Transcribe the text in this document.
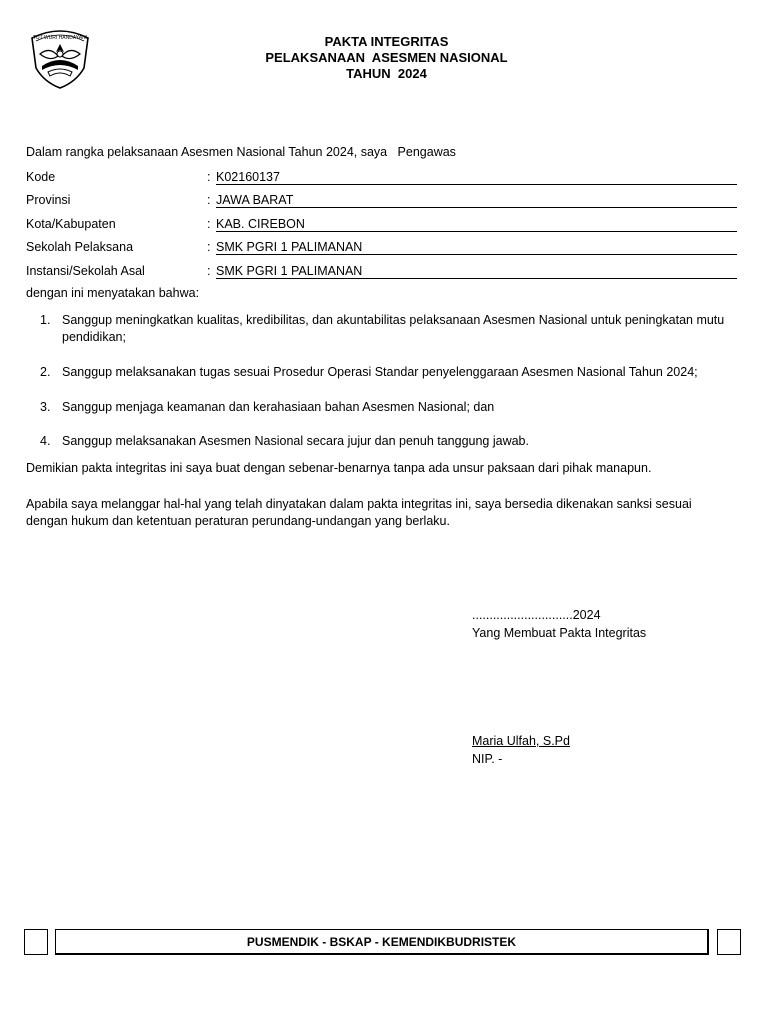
TUT WURI HANDAYANI	PAKTA INTEGRITAS
PELAKSANAAN  ASESMEN NASIONAL
TAHUN  2024
Dalam rangka pelaksanaan Asesmen Nasional Tahun 2024, saya Pengawas
Kode	: K02160137
Provinsi	: JAWA BARAT
Kota/Kabupaten	: KAB. CIREBON
Sekolah Pelaksana	: SMK PGRI 1 PALIMANAN
Instansi/Sekolah Asal	: SMK PGRI 1 PALIMANAN
dengan ini menyatakan bahwa:
1. Sanggup meningkatkan kualitas, kredibilitas, dan akuntabilitas pelaksanaan Asesmen Nasional untuk peningkatan mutu pendidikan;
2. Sanggup melaksanakan tugas sesuai Prosedur Operasi Standar penyelenggaraan Asesmen Nasional Tahun 2024;
3. Sanggup menjaga keamanan dan kerahasiaan bahan Asesmen Nasional; dan
4. Sanggup melaksanakan Asesmen Nasional secara jujur dan penuh tanggung jawab.
Demikian pakta integritas ini saya buat dengan sebenar-benarnya tanpa ada unsur paksaan dari pihak manapun.
Apabila saya melanggar hal-hal yang telah dinyatakan dalam pakta integritas ini, saya bersedia dikenakan sanksi sesuai dengan hukum dan ketentuan peraturan perundang-undangan yang berlaku.
.............................2024
Yang Membuat Pakta Integritas
Maria Ulfah, S.Pd
NIP. -
PUSMENDIK - BSKAP - KEMENDIKBUDRISTEK
